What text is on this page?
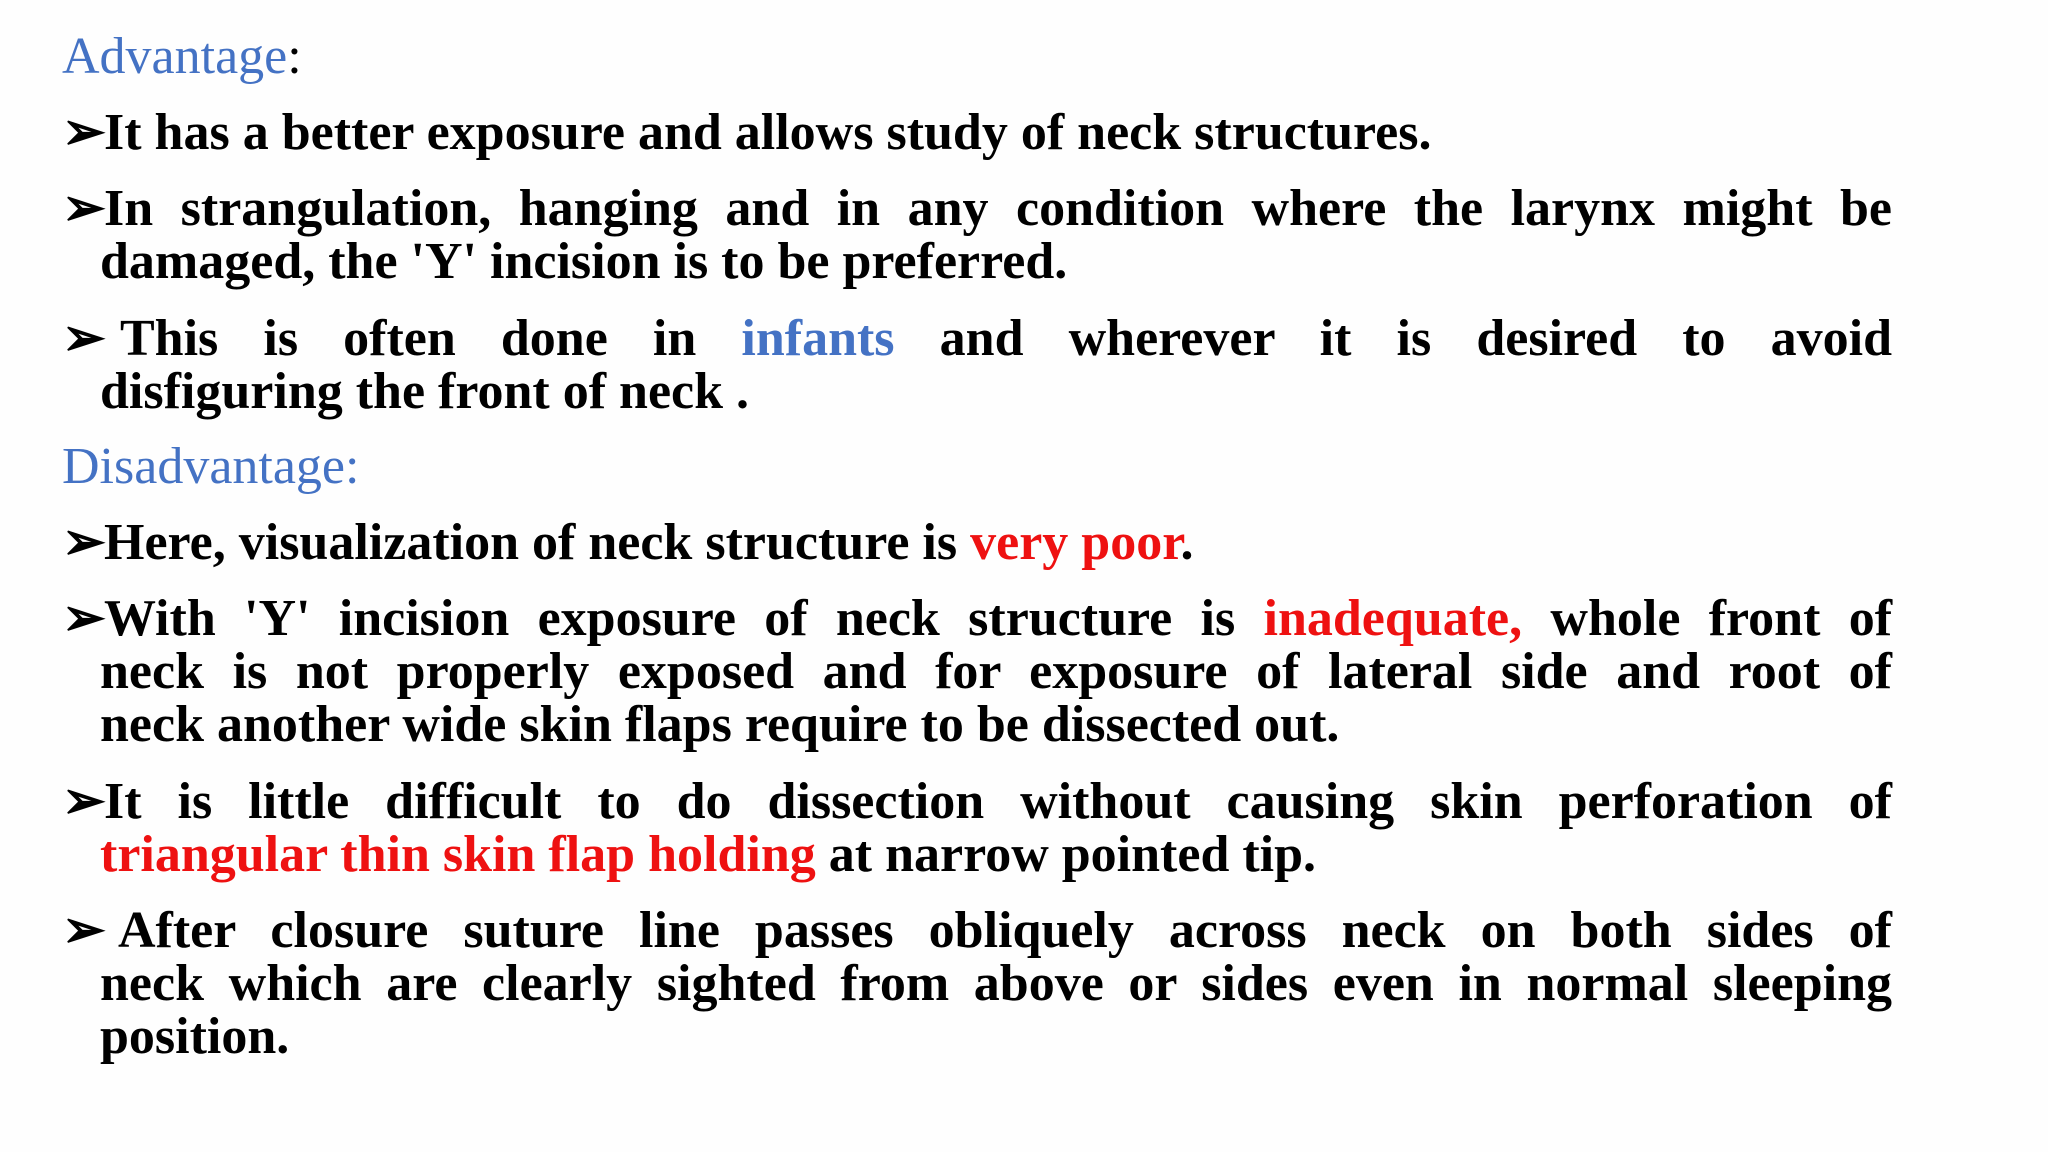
Advantage:
➢
It has a better exposure and allows study of neck structures.
➢
In strangulation, hanging and in any condition where the larynx might be
damaged, the 'Y' incision is to be preferred.
➢ This is often done in infants and wherever it is desired to avoid
disfiguring the front of neck .
Disadvantage:
➢
Here, visualization of neck structure is very poor.
➢
With 'Y' incision exposure of neck structure is inadequate, whole front of
neck is not properly exposed and for exposure of lateral side and root of
neck another wide skin flaps require to be dissected out.
➢
It is little difficult to do dissection without causing skin perforation of
triangular thin skin flap holding at narrow pointed tip.
➢ After closure suture line passes obliquely across neck on both sides of
neck which are clearly sighted from above or sides even in normal sleeping
position.
